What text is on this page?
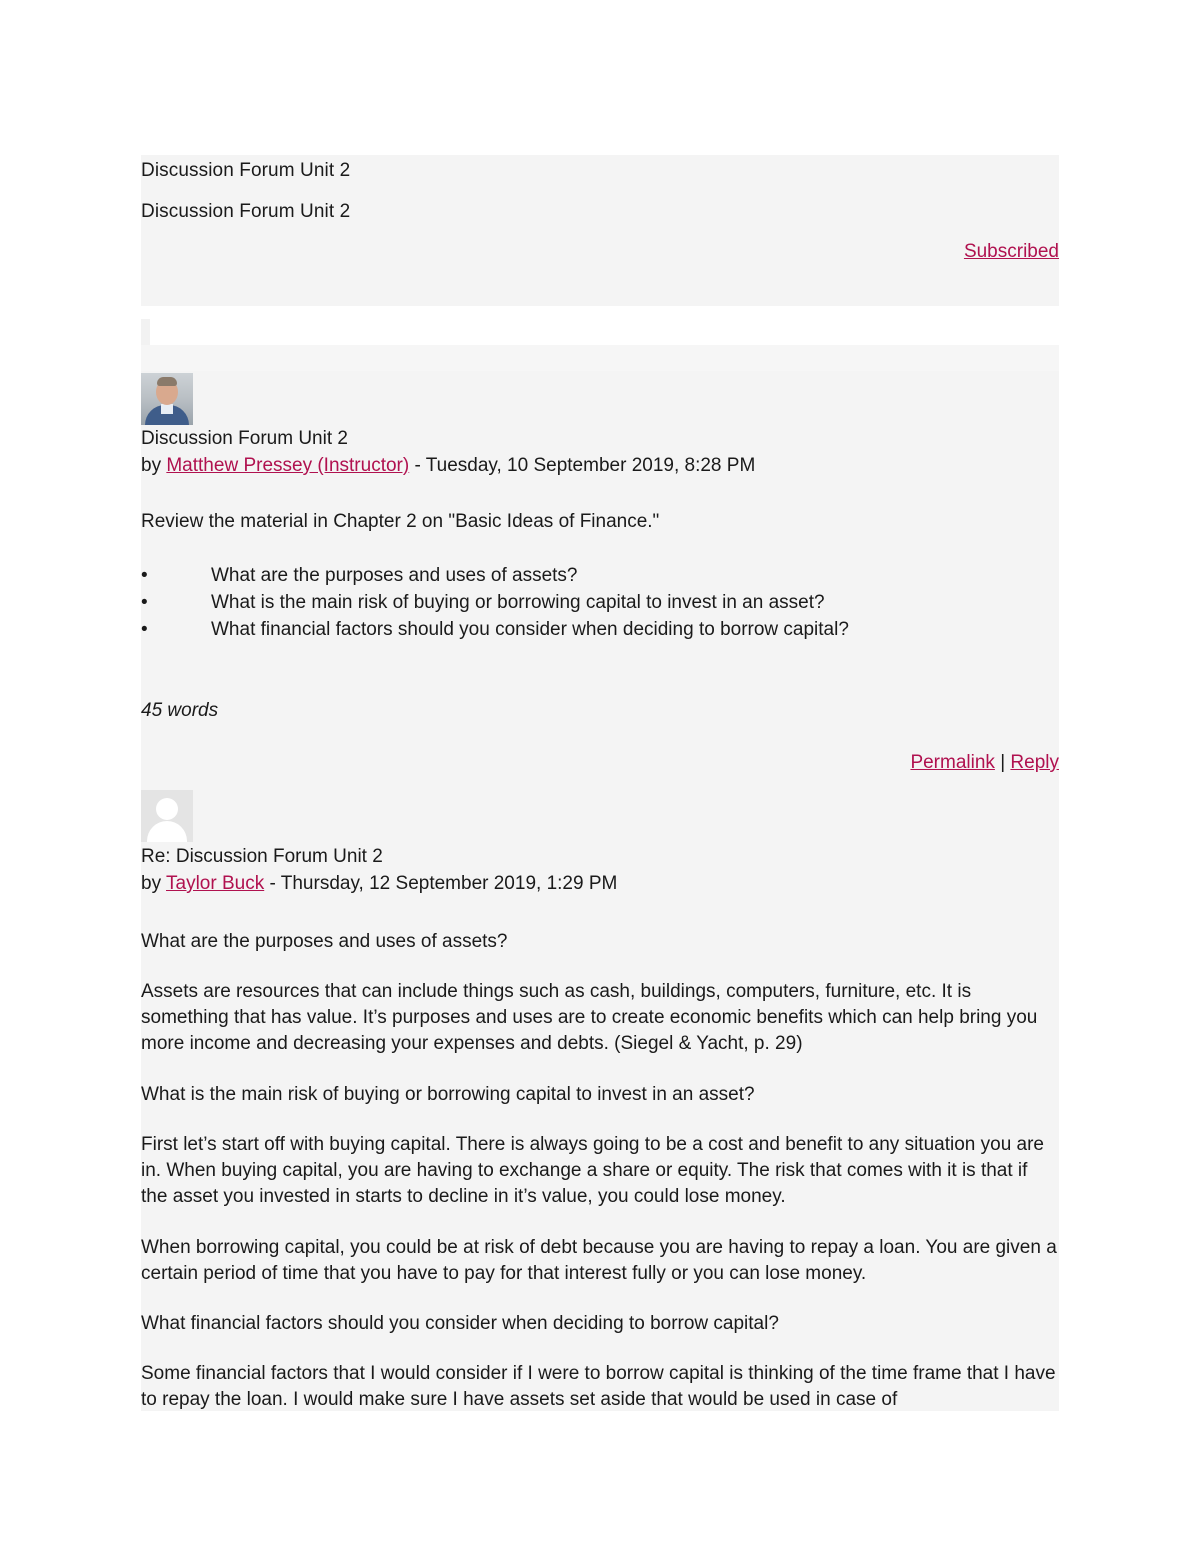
Discussion Forum Unit 2
Discussion Forum Unit 2
Subscribed
Discussion Forum Unit 2
by Matthew Pressey (Instructor) - Tuesday, 10 September 2019, 8:28 PM
Review the material in Chapter 2 on "Basic Ideas of Finance."
•	What are the purposes and uses of assets?
•	What is the main risk of buying or borrowing capital to invest in an asset?
•	What financial factors should you consider when deciding to borrow capital?
45 words
Permalink | Reply
Re: Discussion Forum Unit 2
by Taylor Buck - Thursday, 12 September 2019, 1:29 PM
What are the purposes and uses of assets?
Assets are resources that can include things such as cash, buildings, computers, furniture, etc. It is something that has value. It’s purposes and uses are to create economic benefits which can help bring you more income and decreasing your expenses and debts. (Siegel & Yacht, p. 29)
What is the main risk of buying or borrowing capital to invest in an asset?
First let’s start off with buying capital. There is always going to be a cost and benefit to any situation you are in. When buying capital, you are having to exchange a share or equity. The risk that comes with it is that if the asset you invested in starts to decline in it’s value, you could lose money.
When borrowing capital, you could be at risk of debt because you are having to repay a loan. You are given a certain period of time that you have to pay for that interest fully or you can lose money.
What financial factors should you consider when deciding to borrow capital?
Some financial factors that I would consider if I were to borrow capital is thinking of the time frame that I have to repay the loan. I would make sure I have assets set aside that would be used in case of
